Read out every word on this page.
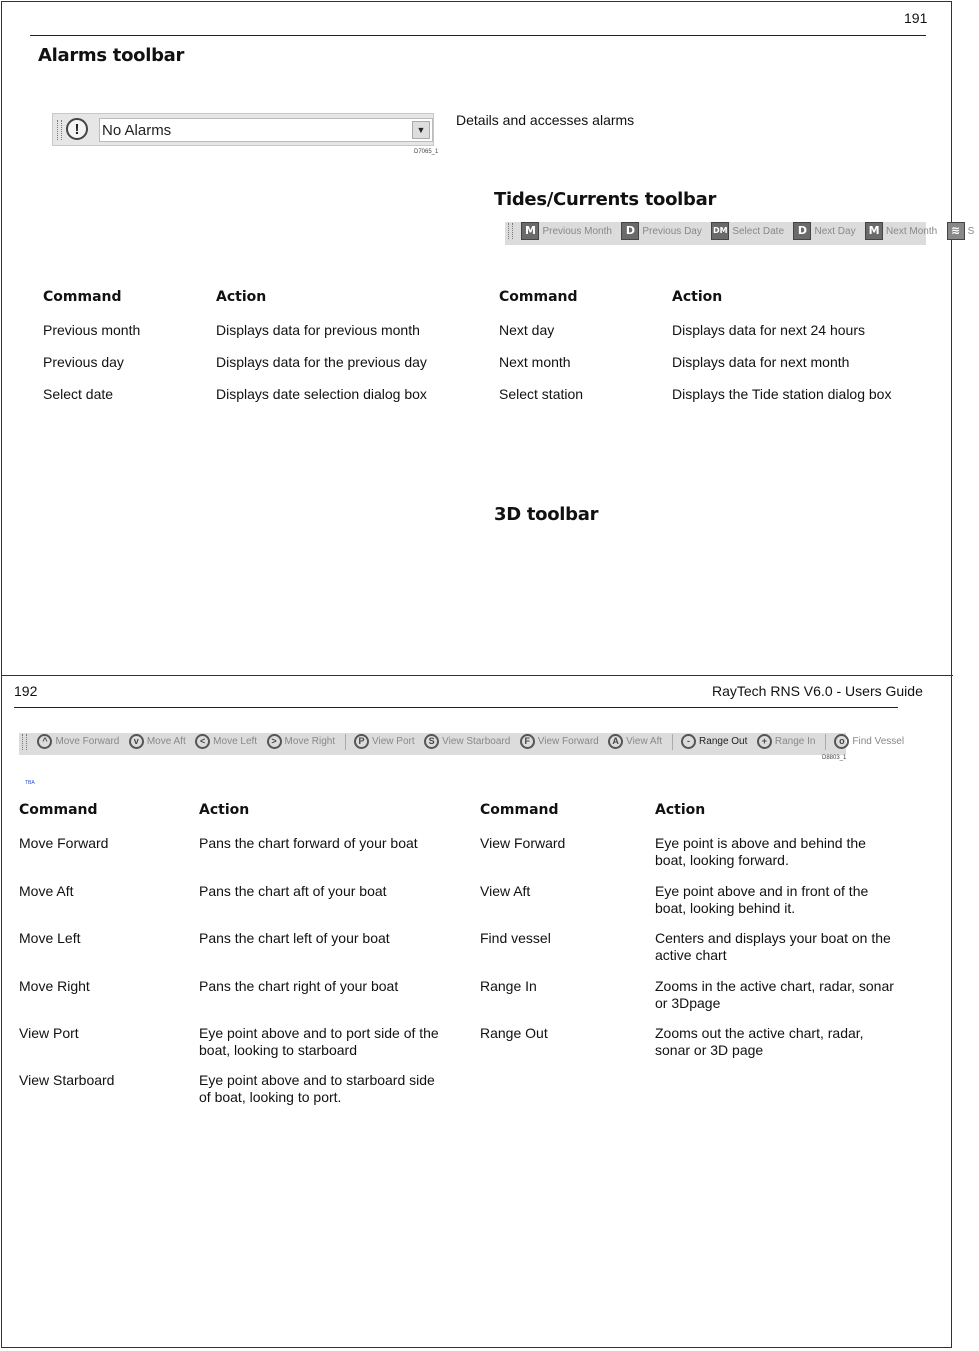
191
Alarms toolbar
!	No Alarms	▼
D7065_1
Details and accesses alarms
Tides/Currents toolbar
M Previous Month D Previous Day DM Select Date D Next Day M Next Month ≋ S
Command	Action
Previous month	Displays data for previous month
Previous day	Displays data for the previous day
Select date	Displays date selection dialog box
Command	Action
Next day	Displays data for next 24 hours
Next month	Displays data for next month
Select station	Displays the Tide station dialog box
3D toolbar
192	RayTech RNS V6.0 - Users Guide
^ Move Forward v Move Aft < Move Left > Move Right	P View Port S View Starboard F View Forward A View Aft	- Range Out + Range In	o Find Vessel
D8803_1
TBA
Command	Action
Move Forward	Pans the chart forward of your boat
Move Aft	Pans the chart aft of your boat
Move Left	Pans the chart left of your boat
Move Right	Pans the chart right of your boat
View Port	Eye point above and to port side of the boat, looking to starboard
View Starboard	Eye point above and to starboard side of boat, looking to port.
Command	Action
View Forward	Eye point is above and behind the boat, looking forward.
View Aft	Eye point above and in front of the boat, looking behind it.
Find vessel	Centers and displays your boat on the active chart
Range In	Zooms in the active chart, radar, sonar or 3Dpage
Range Out	Zooms out the active chart, radar, sonar or 3D page
